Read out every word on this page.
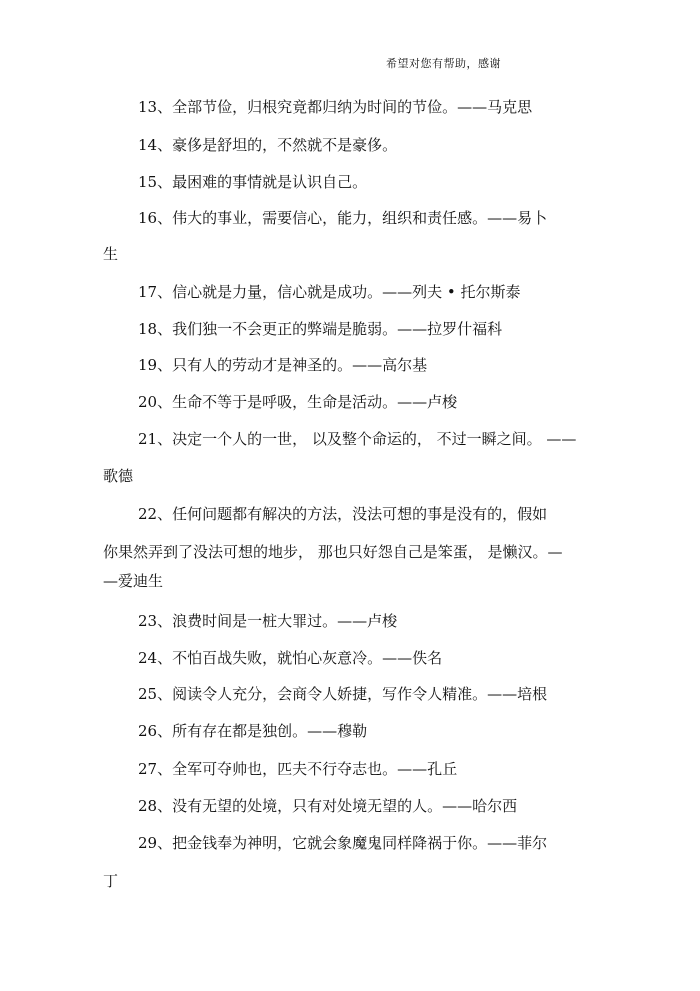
希望对您有帮助，感谢
13、全部节俭，归根究竟都归纳为时间的节俭。——马克思
14、豪侈是舒坦的，不然就不是豪侈。
15、最困难的事情就是认识自己。
16、伟大的事业，需要信心，能力，组织和责任感。——易卜
生
17、信心就是力量，信心就是成功。——列夫 • 托尔斯泰
18、我们独一不会更正的弊端是脆弱。——拉罗什福科
19、只有人的劳动才是神圣的。——高尔基
20、生命不等于是呼吸，生命是活动。——卢梭
21、决定一个人的一世， 以及整个命运的， 不过一瞬之间。 ——
歌德
22、任何问题都有解决的方法，没法可想的事是没有的，假如
你果然弄到了没法可想的地步， 那也只好怨自己是笨蛋， 是懒汉。—
—爱迪生
23、浪费时间是一桩大罪过。——卢梭
24、不怕百战失败，就怕心灰意冷。——佚名
25、阅读令人充分，会商令人娇捷，写作令人精准。——培根
26、所有存在都是独创。——穆勒
27、全军可夺帅也，匹夫不行夺志也。——孔丘
28、没有无望的处境，只有对处境无望的人。——哈尔西
29、把金钱奉为神明，它就会象魔鬼同样降祸于你。——菲尔
丁
